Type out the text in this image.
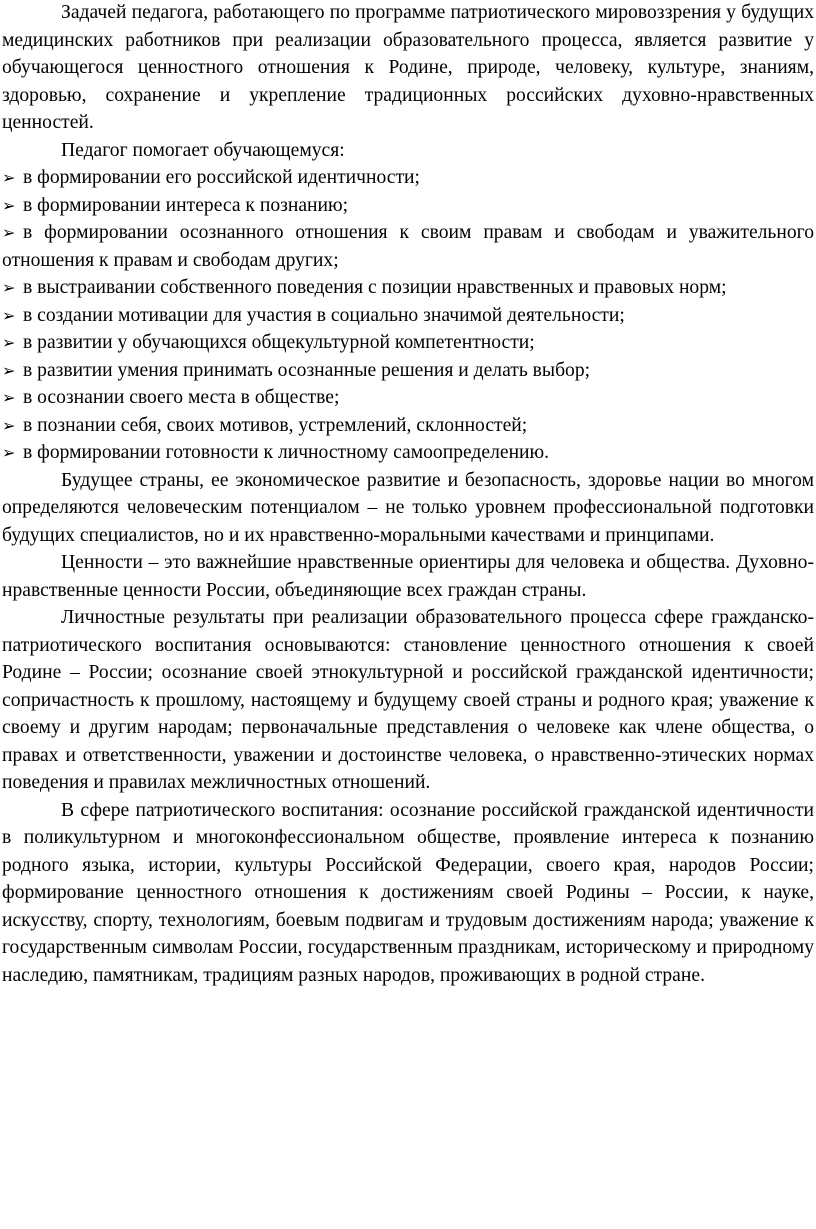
Задачей педагога, работающего по программе патриотического мировоззрения у будущих медицинских работников при реализации образовательного процесса, является развитие у обучающегося ценностного отношения к Родине, природе, человеку, культуре, знаниям, здоровью, сохранение и укрепление традиционных российских духовно-нравственных ценностей.

Педагог помогает обучающемуся:

➢ в формировании его российской идентичности;
➢ в формировании интереса к познанию;
➢ в формировании осознанного отношения к своим правам и свободам и уважительного отношения к правам и свободам других;
➢ в выстраивании собственного поведения с позиции нравственных и правовых норм;
➢ в создании мотивации для участия в социально значимой деятельности;
➢ в развитии у обучающихся общекультурной компетентности;
➢ в развитии умения принимать осознанные решения и делать выбор;
➢ в осознании своего места в обществе;
➢ в познании себя, своих мотивов, устремлений, склонностей;
➢ в формировании готовности к личностному самоопределению.

Будущее страны, ее экономическое развитие и безопасность, здоровье нации во многом определяются человеческим потенциалом – не только уровнем профессиональной подготовки будущих специалистов, но и их нравственно-моральными качествами и принципами.

Ценности – это важнейшие нравственные ориентиры для человека и общества. Духовно-нравственные ценности России, объединяющие всех граждан страны.

Личностные результаты при реализации образовательного процесса сфере гражданско-патриотического воспитания основываются: становление ценностного отношения к своей Родине – России; осознание своей этнокультурной и российской гражданской идентичности; сопричастность к прошлому, настоящему и будущему своей страны и родного края; уважение к своему и другим народам; первоначальные представления о человеке как члене общества, о правах и ответственности, уважении и достоинстве человека, о нравственно-этических нормах поведения и правилах межличностных отношений.

В сфере патриотического воспитания: осознание российской гражданской идентичности в поликультурном и многоконфессиональном обществе, проявление интереса к познанию родного языка, истории, культуры Российской Федерации, своего края, народов России; формирование ценностного отношения к достижениям своей Родины – России, к науке, искусству, спорту, технологиям, боевым подвигам и трудовым достижениям народа; уважение к государственным символам России, государственным праздникам, историческому и природному наследию, памятникам, традициям разных народов, проживающих в родной стране.
